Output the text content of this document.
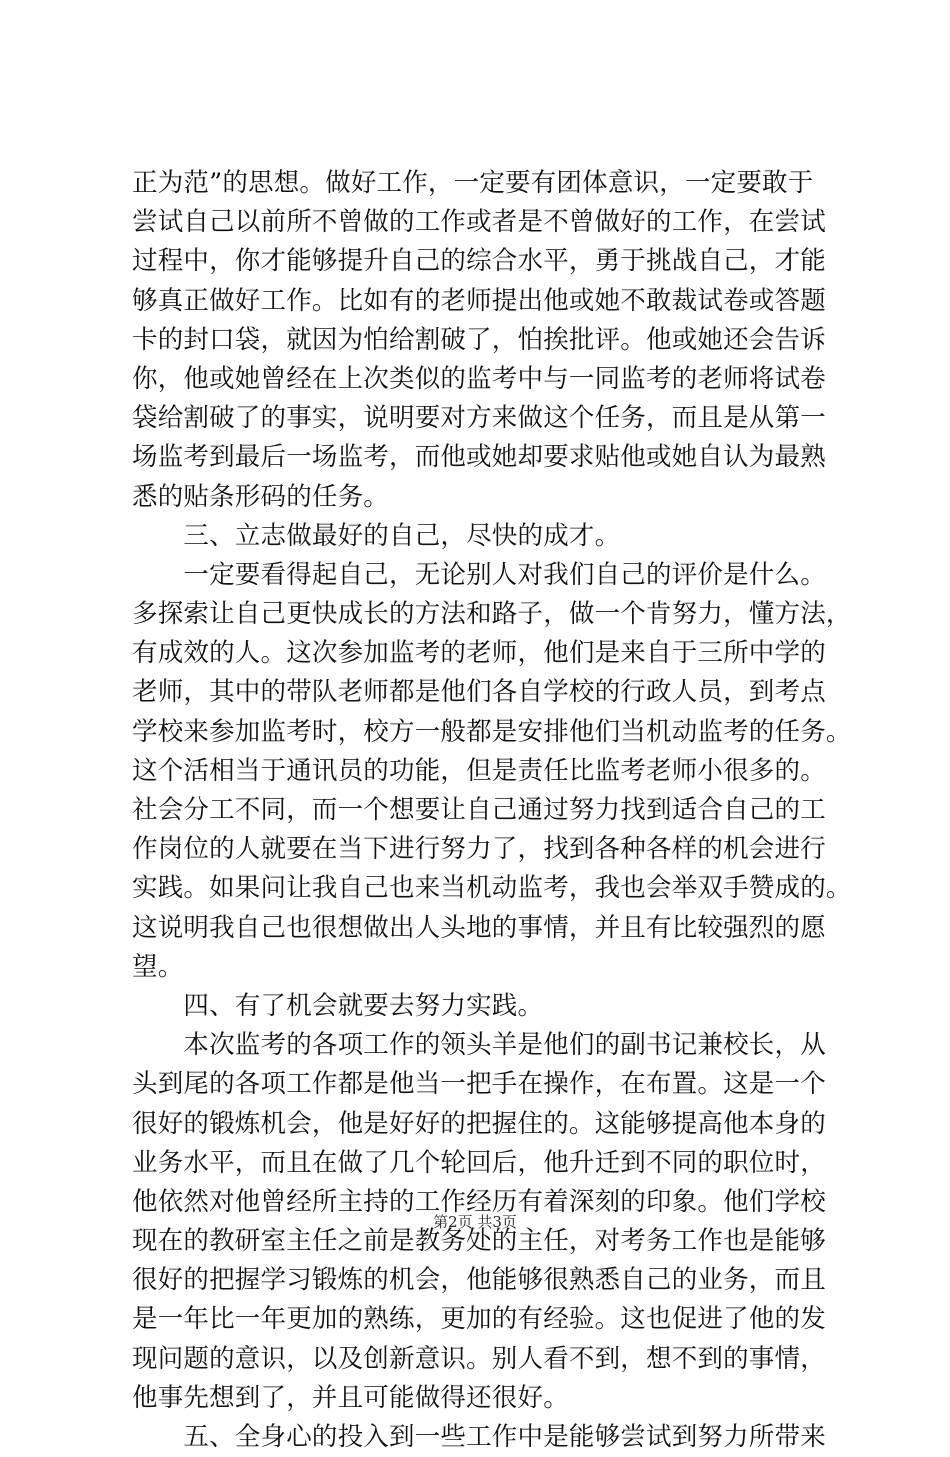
正为范”的思想。做好工作，一定要有团体意识，一定要敢于
尝试自己以前所不曾做的工作或者是不曾做好的工作，在尝试
过程中，你才能够提升自己的综合水平，勇于挑战自己，才能
够真正做好工作。比如有的老师提出他或她不敢裁试卷或答题
卡的封口袋，就因为怕给割破了，怕挨批评。他或她还会告诉
你，他或她曾经在上次类似的监考中与一同监考的老师将试卷
袋给割破了的事实，说明要对方来做这个任务，而且是从第一
场监考到最后一场监考，而他或她却要求贴他或她自认为最熟
悉的贴条形码的任务。
　　三、立志做最好的自己，尽快的成才。
　　一定要看得起自己，无论别人对我们自己的评价是什么。
多探索让自己更快成长的方法和路子，做一个肯努力，懂方法，
有成效的人。这次参加监考的老师，他们是来自于三所中学的
老师，其中的带队老师都是他们各自学校的行政人员，到考点
学校来参加监考时，校方一般都是安排他们当机动监考的任务。
这个活相当于通讯员的功能，但是责任比监考老师小很多的。
社会分工不同，而一个想要让自己通过努力找到适合自己的工
作岗位的人就要在当下进行努力了，找到各种各样的机会进行
实践。如果问让我自己也来当机动监考，我也会举双手赞成的。
这说明我自己也很想做出人头地的事情，并且有比较强烈的愿
望。
　　四、有了机会就要去努力实践。
　　本次监考的各项工作的领头羊是他们的副书记兼校长，从
头到尾的各项工作都是他当一把手在操作，在布置。这是一个
很好的锻炼机会，他是好好的把握住的。这能够提高他本身的
业务水平，而且在做了几个轮回后，他升迁到不同的职位时，
他依然对他曾经所主持的工作经历有着深刻的印象。他们学校
现在的教研室主任之前是教务处的主任，对考务工作也是能够
很好的把握学习锻炼的机会，他能够很熟悉自己的业务，而且
是一年比一年更加的熟练，更加的有经验。这也促进了他的发
现问题的意识，以及创新意识。别人看不到，想不到的事情，
他事先想到了，并且可能做得还很好。
　　五、全身心的投入到一些工作中是能够尝试到努力所带来
第2页 共3页
